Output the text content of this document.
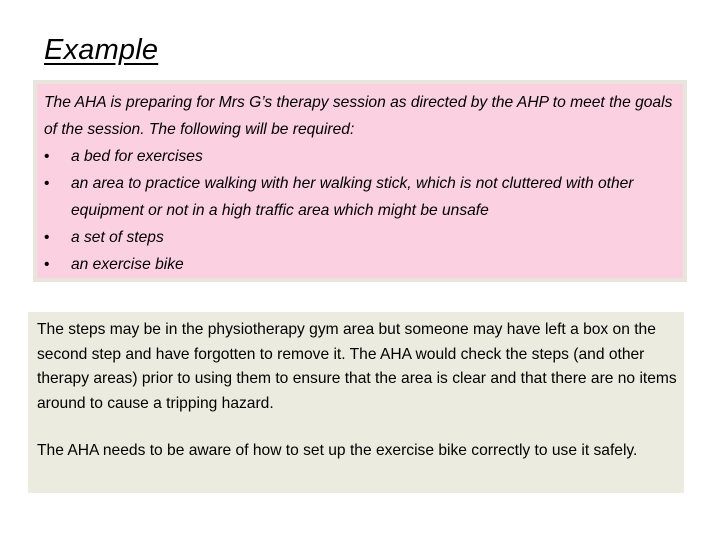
Example

The AHA is preparing for Mrs G’s therapy session as directed by the AHP to meet the goals of the session. The following will be required:

• a bed for exercises
• an area to practice walking with her walking stick, which is not cluttered with other equipment or not in a high traffic area which might be unsafe
• a set of steps
• an exercise bike

The steps may be in the physiotherapy gym area but someone may have left a box on the second step and have forgotten to remove it. The AHA would check the steps (and other therapy areas) prior to using them to ensure that the area is clear and that there are no items around to cause a tripping hazard.

The AHA needs to be aware of how to set up the exercise bike correctly to use it safely.
